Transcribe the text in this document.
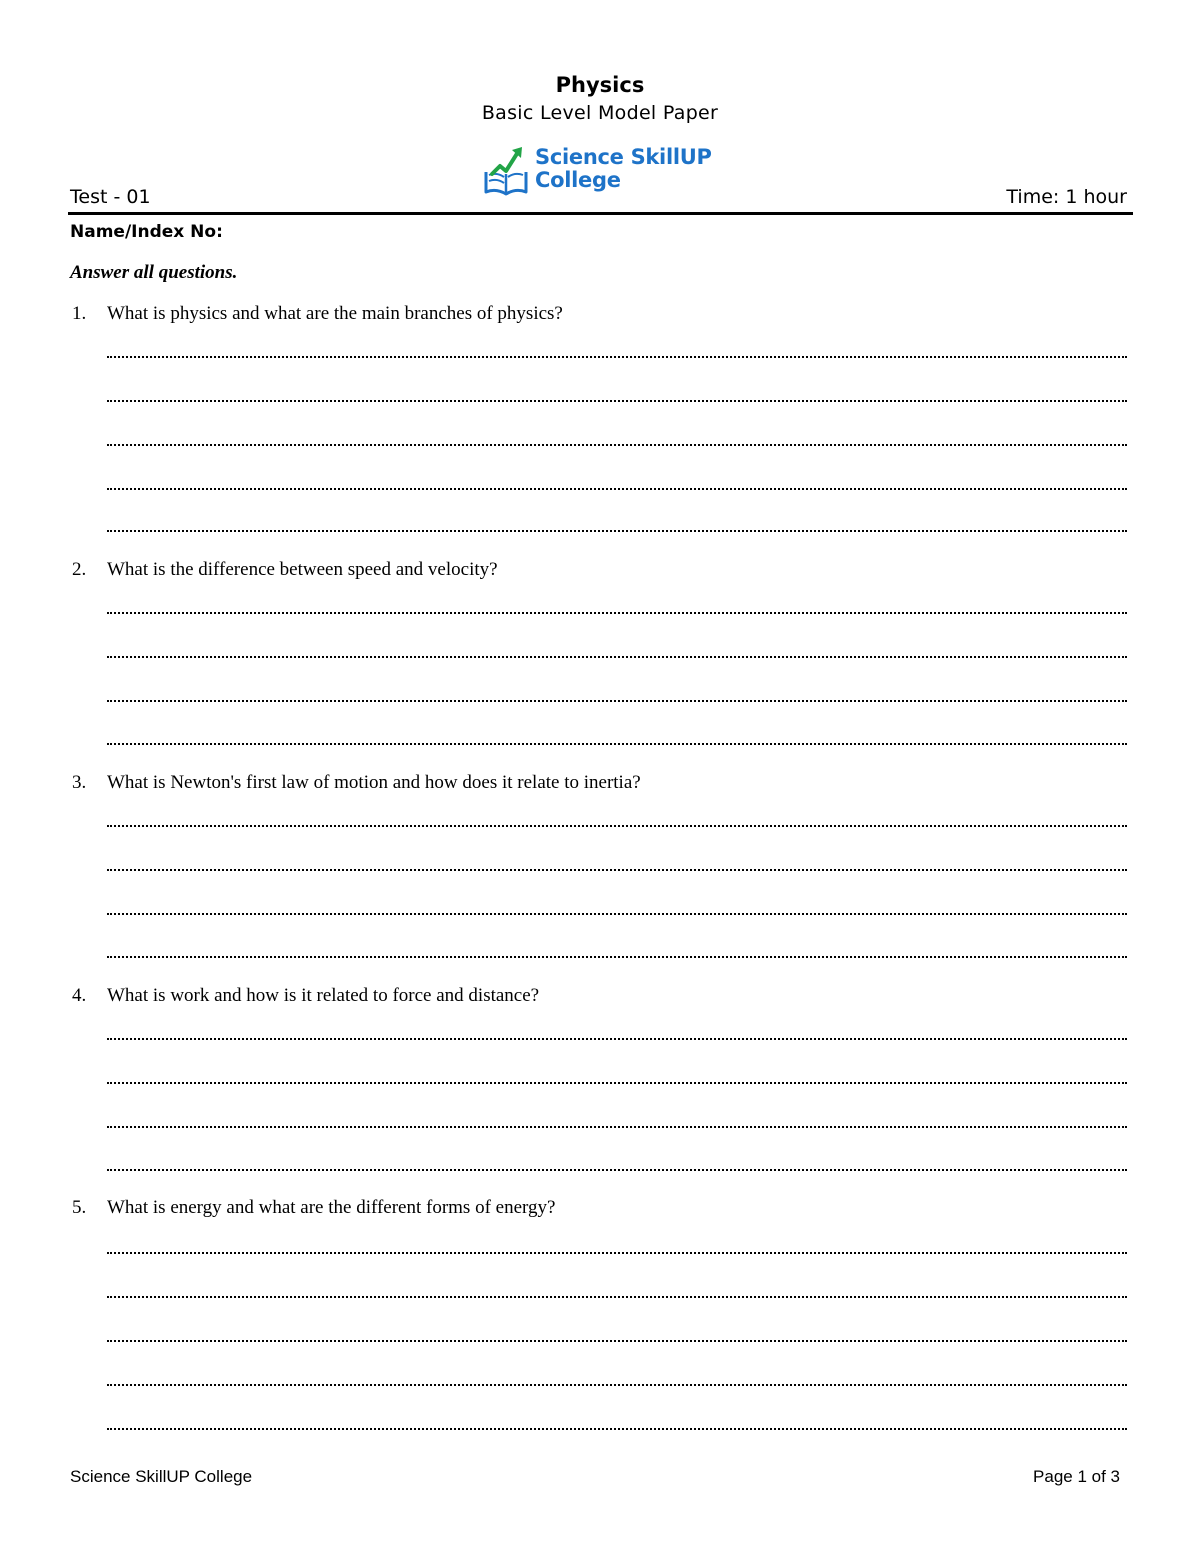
Physics
Basic Level Model Paper
Science SkillUP
College
Test - 01	Time: 1 hour
Name/Index No:
Answer all questions.
1. What is physics and what are the main branches of physics?
2. What is the difference between speed and velocity?
3. What is Newton's first law of motion and how does it relate to inertia?
4. What is work and how is it related to force and distance?
5. What is energy and what are the different forms of energy?
Science SkillUP College	Page 1 of 3
